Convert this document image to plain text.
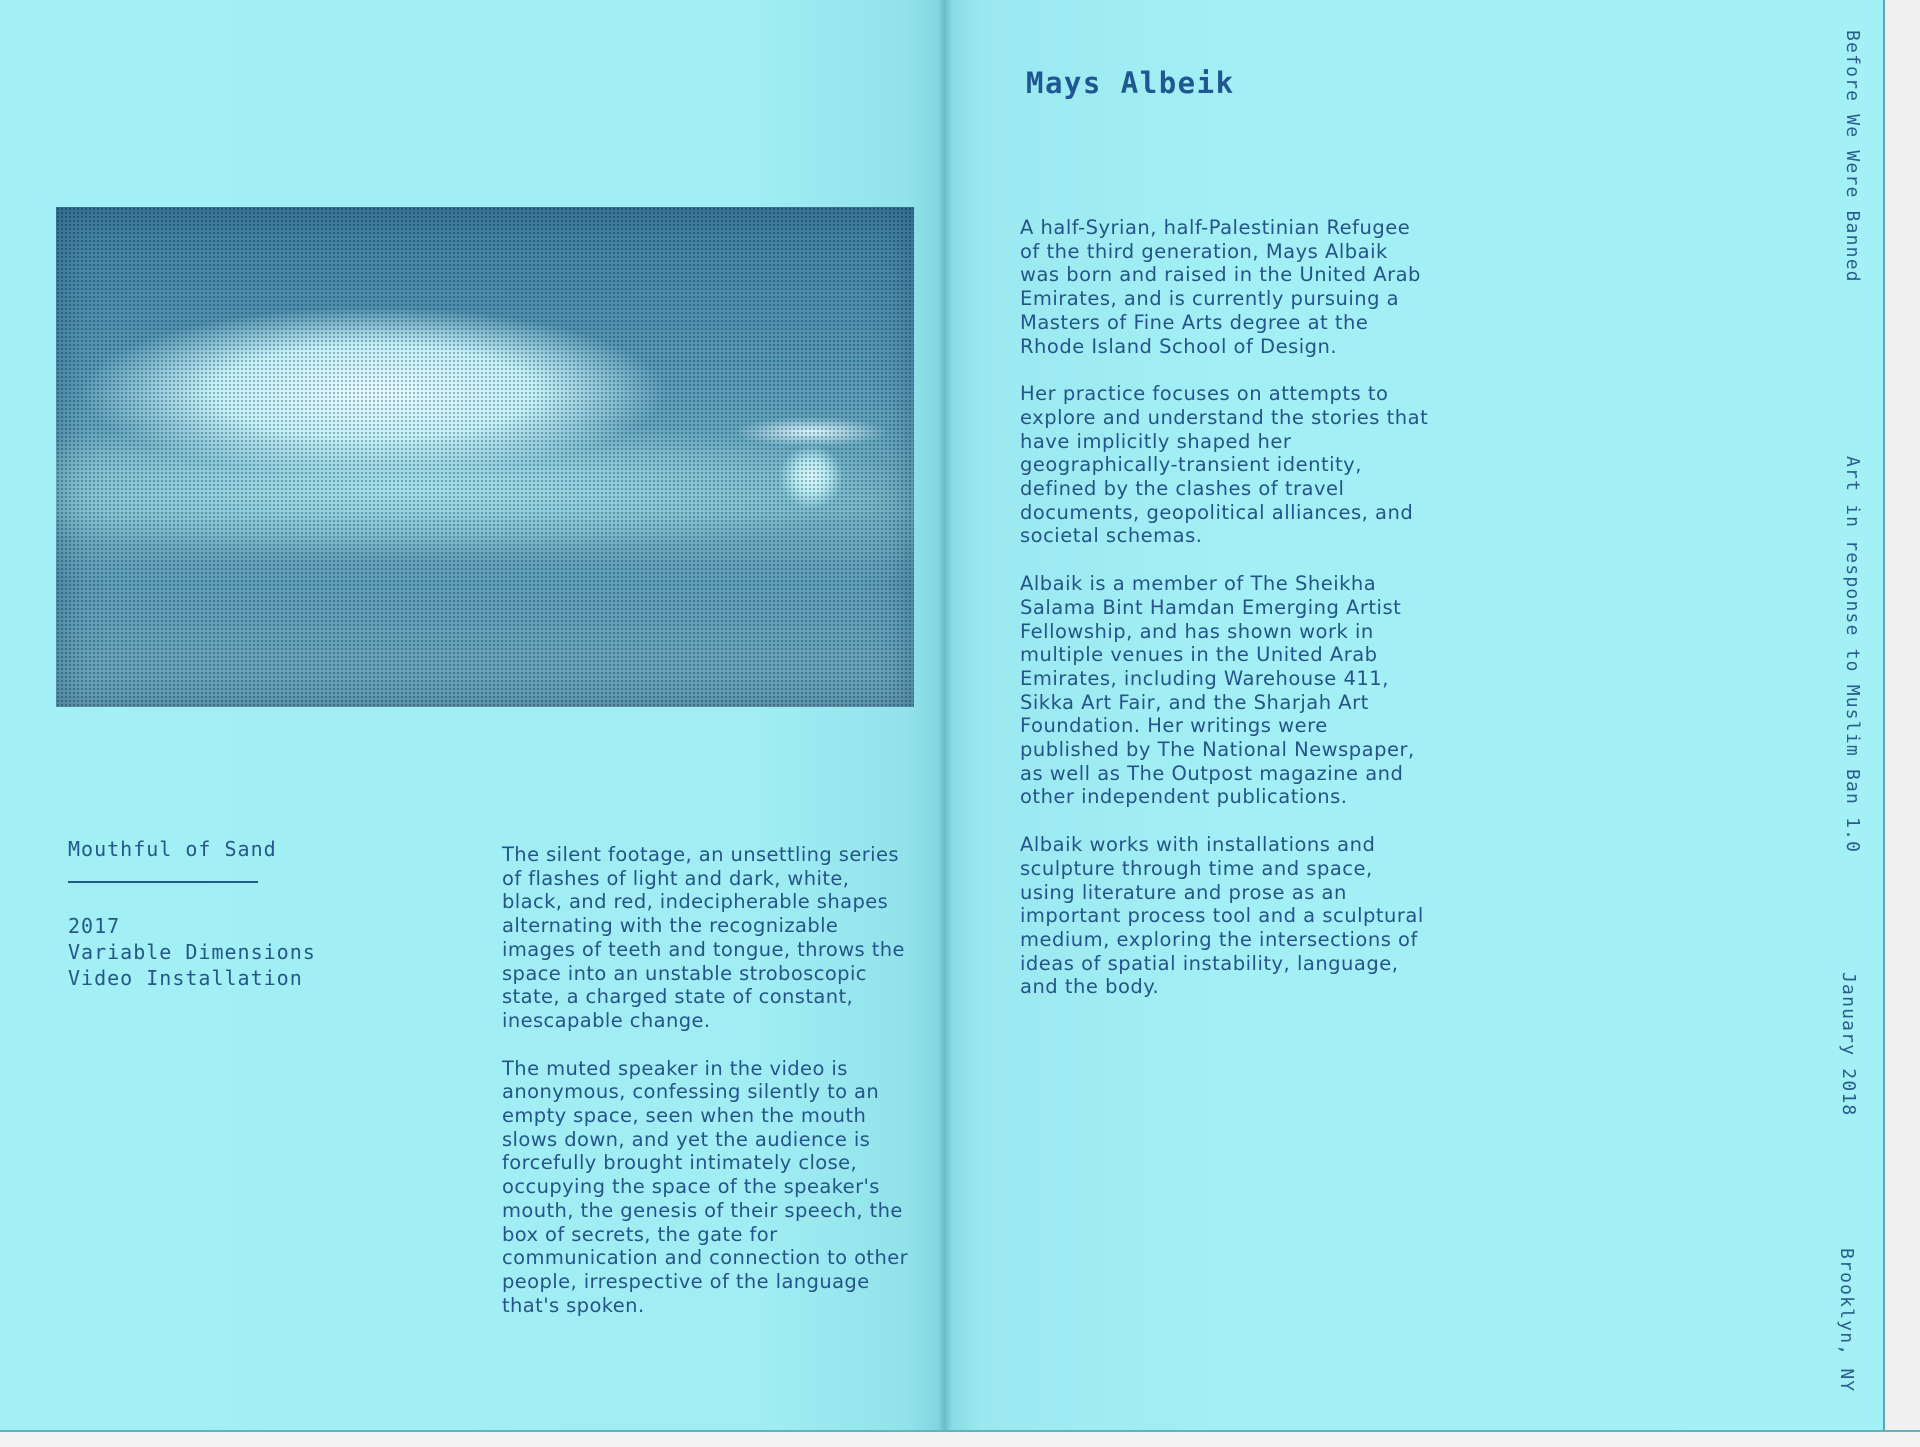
Mouthful of Sand
2017
Variable Dimensions
Video Installation

The silent footage, an unsettling series of flashes of light and dark, white, black, and red, indecipherable shapes alternating with the recognizable images of teeth and tongue, throws the space into an unstable stroboscopic state, a charged state of constant, inescapable change.

The muted speaker in the video is anonymous, confessing silently to an empty space, seen when the mouth slows down, and yet the audience is forcefully brought intimately close, occupying the space of the speaker's mouth, the genesis of their speech, the box of secrets, the gate for communication and connection to other people, irrespective of the language that's spoken.

Mays Albeik

A half-Syrian, half-Palestinian Refugee of the third generation, Mays Albaik was born and raised in the United Arab Emirates, and is currently pursuing a Masters of Fine Arts degree at the Rhode Island School of Design.

Her practice focuses on attempts to explore and understand the stories that have implicitly shaped her geographically-transient identity, defined by the clashes of travel documents, geopolitical alliances, and societal schemas.

Albaik is a member of The Sheikha Salama Bint Hamdan Emerging Artist Fellowship, and has shown work in multiple venues in the United Arab Emirates, including Warehouse 411, Sikka Art Fair, and the Sharjah Art Foundation. Her writings were published by The National Newspaper, as well as The Outpost magazine and other independent publications.

Albaik works with installations and sculpture through time and space, using literature and prose as an important process tool and a sculptural medium, exploring the intersections of ideas of spatial instability, language, and the body.

Before We Were Banned
Art in response to Muslim Ban 1.0
January 2018
Brooklyn, NY
